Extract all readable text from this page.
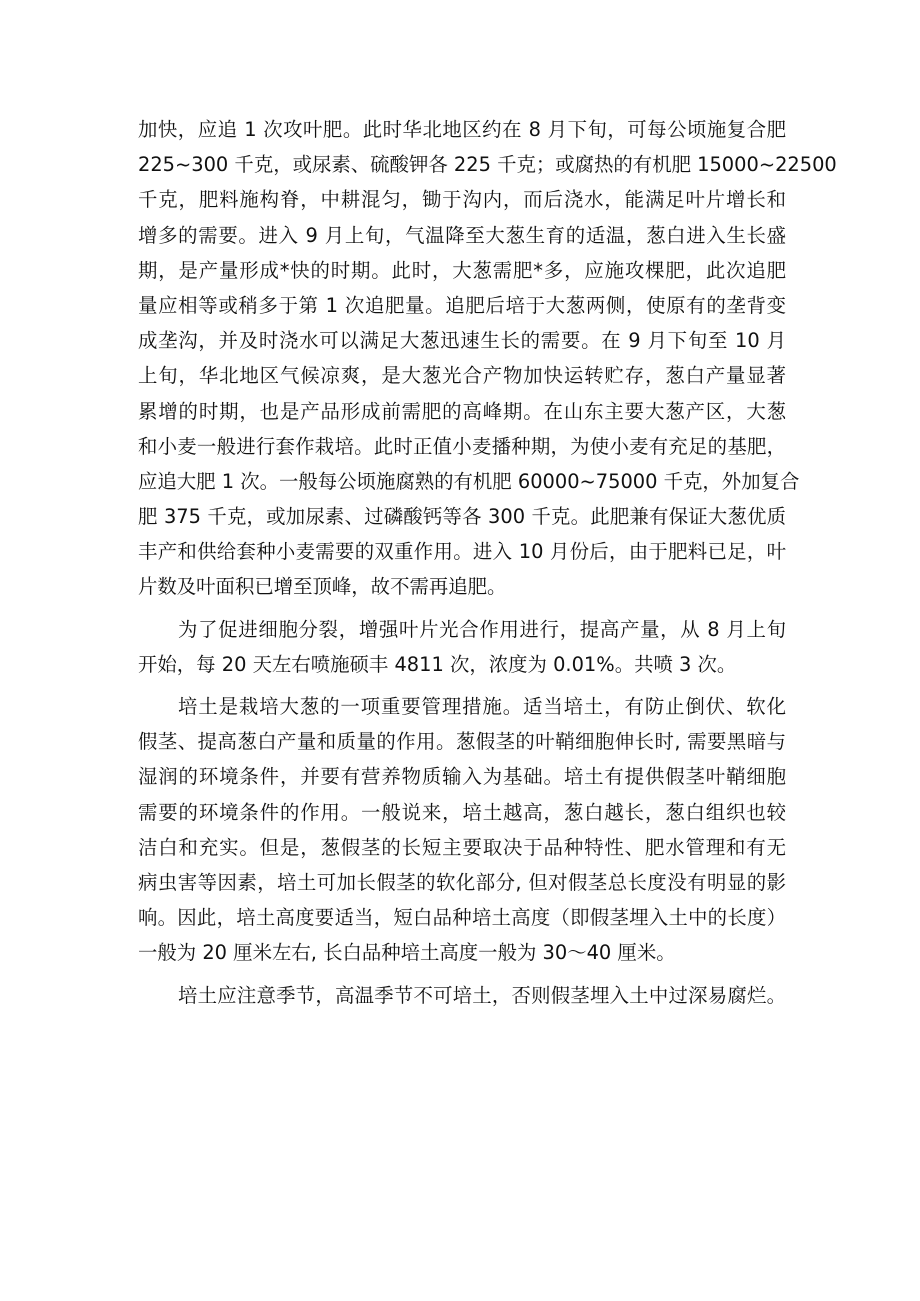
加快，应追 1 次攻叶肥。此时华北地区约在 8 月下旬，可每公顷施复合肥
225~300 千克，或尿素、硫酸钾各 225 千克；或腐热的有机肥 15000~22500
千克，肥料施构脊，中耕混匀，锄于沟内，而后浇水，能满足叶片增长和
增多的需要。进入 9 月上旬，气温降至大葱生育的适温，葱白进入生长盛
期，是产量形成*快的时期。此时，大葱需肥*多，应施攻棵肥，此次追肥
量应相等或稍多于第 1 次追肥量。追肥后培于大葱两侧，使原有的垄背变
成垄沟，并及时浇水可以满足大葱迅速生长的需要。在 9 月下旬至 10 月
上旬，华北地区气候凉爽，是大葱光合产物加快运转贮存，葱白产量显著
累增的时期，也是产品形成前需肥的高峰期。在山东主要大葱产区，大葱
和小麦一般进行套作栽培。此时正值小麦播种期，为使小麦有充足的基肥，
应追大肥 1 次。一般每公顷施腐熟的有机肥 60000~75000 千克，外加复合
肥 375 千克，或加尿素、过磷酸钙等各 300 千克。此肥兼有保证大葱优质
丰产和供给套种小麦需要的双重作用。进入 10 月份后，由于肥料已足，叶
片数及叶面积已增至顶峰，故不需再追肥。
为了促进细胞分裂，增强叶片光合作用进行，提高产量，从 8 月上旬
开始，每 20 天左右喷施硕丰 4811 次，浓度为 0.01%。共喷 3 次。
培土是栽培大葱的一项重要管理措施。适当培土，有防止倒伏、软化
假茎、提高葱白产量和质量的作用。葱假茎的叶鞘细胞伸长时, 需要黑暗与
湿润的环境条件，并要有营养物质输入为基础。培土有提供假茎叶鞘细胞
需要的环境条件的作用。一般说来，培土越高，葱白越长，葱白组织也较
洁白和充实。但是，葱假茎的长短主要取决于品种特性、肥水管理和有无
病虫害等因素，培土可加长假茎的软化部分, 但对假茎总长度没有明显的影
响。因此，培土高度要适当，短白品种培土高度（即假茎埋入土中的长度）
一般为 20 厘米左右, 长白品种培土高度一般为 30～40 厘米。
培土应注意季节，高温季节不可培土，否则假茎埋入土中过深易腐烂。
